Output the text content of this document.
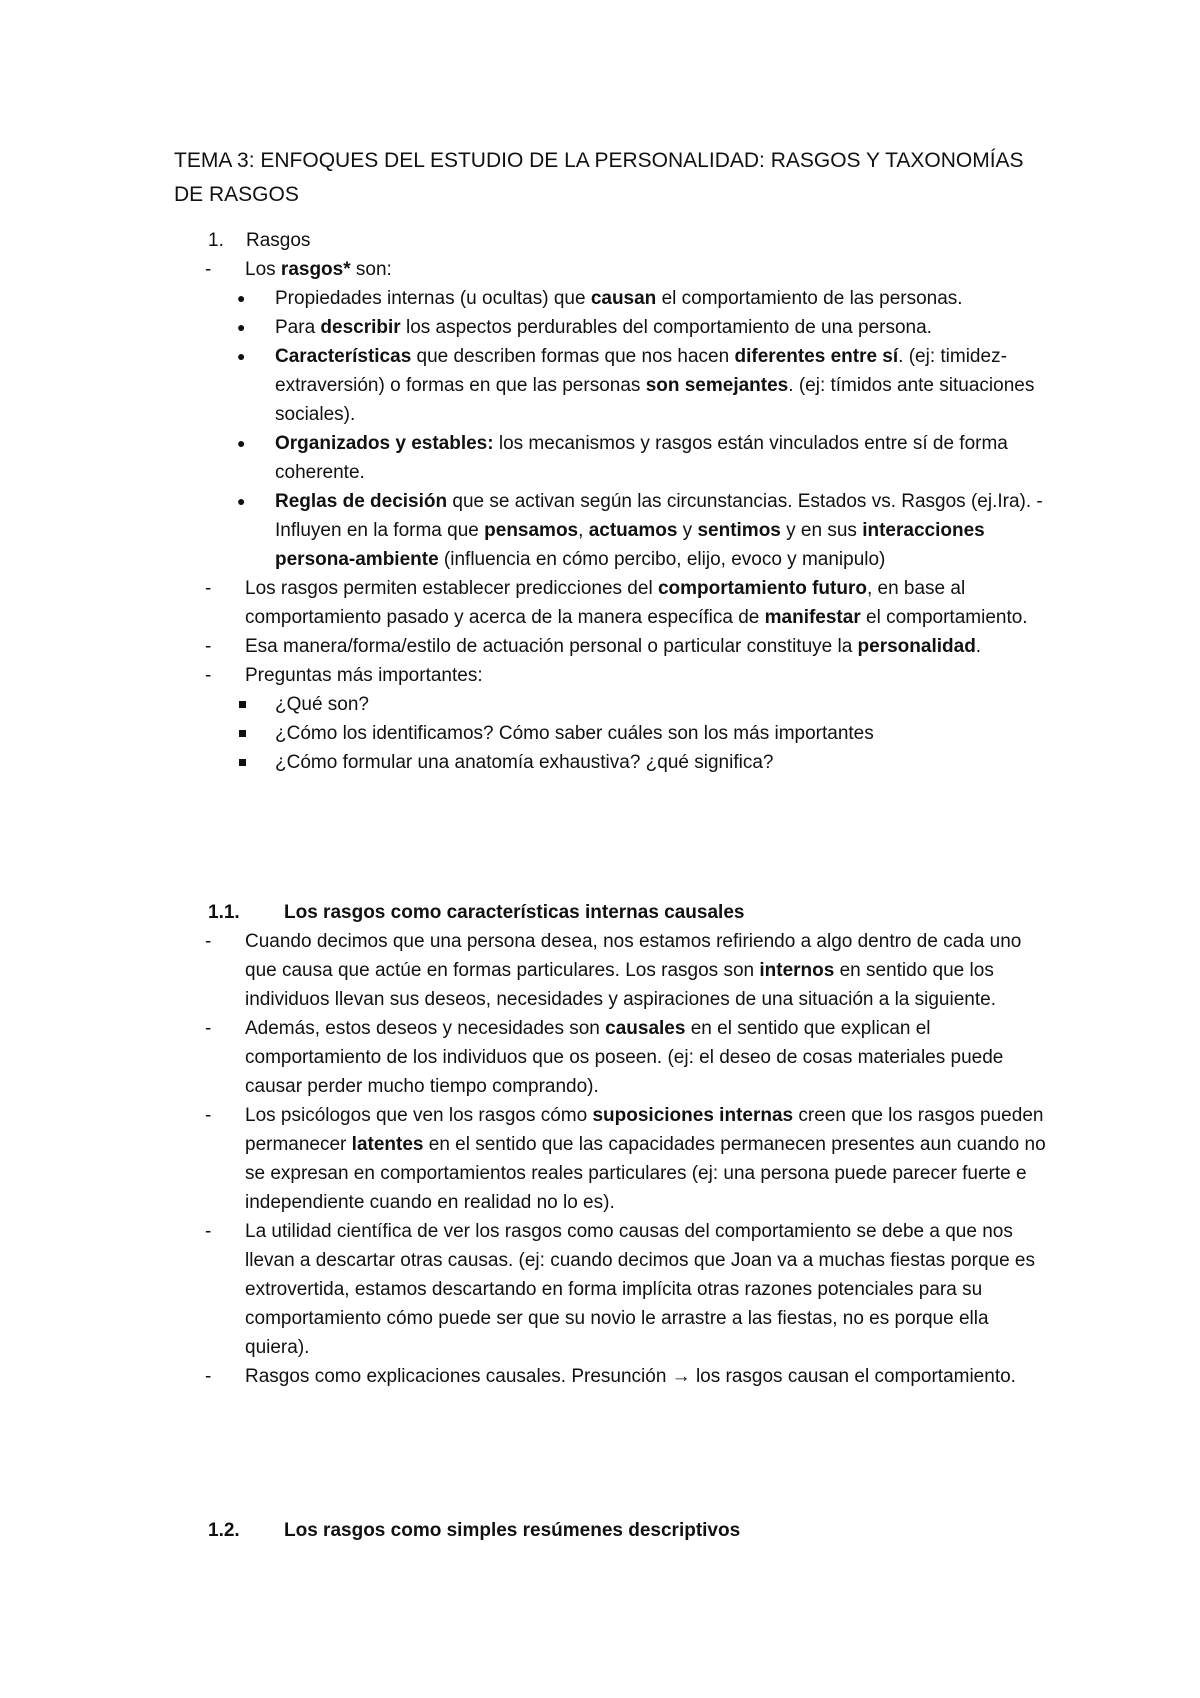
TEMA 3: ENFOQUES DEL ESTUDIO DE LA PERSONALIDAD: RASGOS Y TAXONOMÍAS DE RASGOS
1. Rasgos
- Los rasgos* son:
● Propiedades internas (u ocultas) que causan el comportamiento de las personas.
● Para describir los aspectos perdurables del comportamiento de una persona.
● Características que describen formas que nos hacen diferentes entre sí. (ej: timidez-extraversión) o formas en que las personas son semejantes. (ej: tímidos ante situaciones sociales).
● Organizados y estables: los mecanismos y rasgos están vinculados entre sí de forma coherente.
● Reglas de decisión que se activan según las circunstancias. Estados vs. Rasgos (ej.Ira). - Influyen en la forma que pensamos, actuamos y sentimos y en sus interacciones persona-ambiente (influencia en cómo percibo, elijo, evoco y manipulo)
- Los rasgos permiten establecer predicciones del comportamiento futuro, en base al comportamiento pasado y acerca de la manera específica de manifestar el comportamiento.
- Esa manera/forma/estilo de actuación personal o particular constituye la personalidad.
- Preguntas más importantes:
¿Qué son?
¿Cómo los identificamos? Cómo saber cuáles son los más importantes
¿Cómo formular una anatomía exhaustiva? ¿qué significa?
1.1. Los rasgos como características internas causales
- Cuando decimos que una persona desea, nos estamos refiriendo a algo dentro de cada uno que causa que actúe en formas particulares. Los rasgos son internos en sentido que los individuos llevan sus deseos, necesidades y aspiraciones de una situación a la siguiente.
- Además, estos deseos y necesidades son causales en el sentido que explican el comportamiento de los individuos que os poseen. (ej: el deseo de cosas materiales puede causar perder mucho tiempo comprando).
- Los psicólogos que ven los rasgos cómo suposiciones internas creen que los rasgos pueden permanecer latentes en el sentido que las capacidades permanecen presentes aun cuando no se expresan en comportamientos reales particulares (ej: una persona puede parecer fuerte e independiente cuando en realidad no lo es).
- La utilidad científica de ver los rasgos como causas del comportamiento se debe a que nos llevan a descartar otras causas. (ej: cuando decimos que Joan va a muchas fiestas porque es extrovertida, estamos descartando en forma implícita otras razones potenciales para su comportamiento cómo puede ser que su novio le arrastre a las fiestas, no es porque ella quiera).
- Rasgos como explicaciones causales. Presunción → los rasgos causan el comportamiento.
1.2. Los rasgos como simples resúmenes descriptivos
